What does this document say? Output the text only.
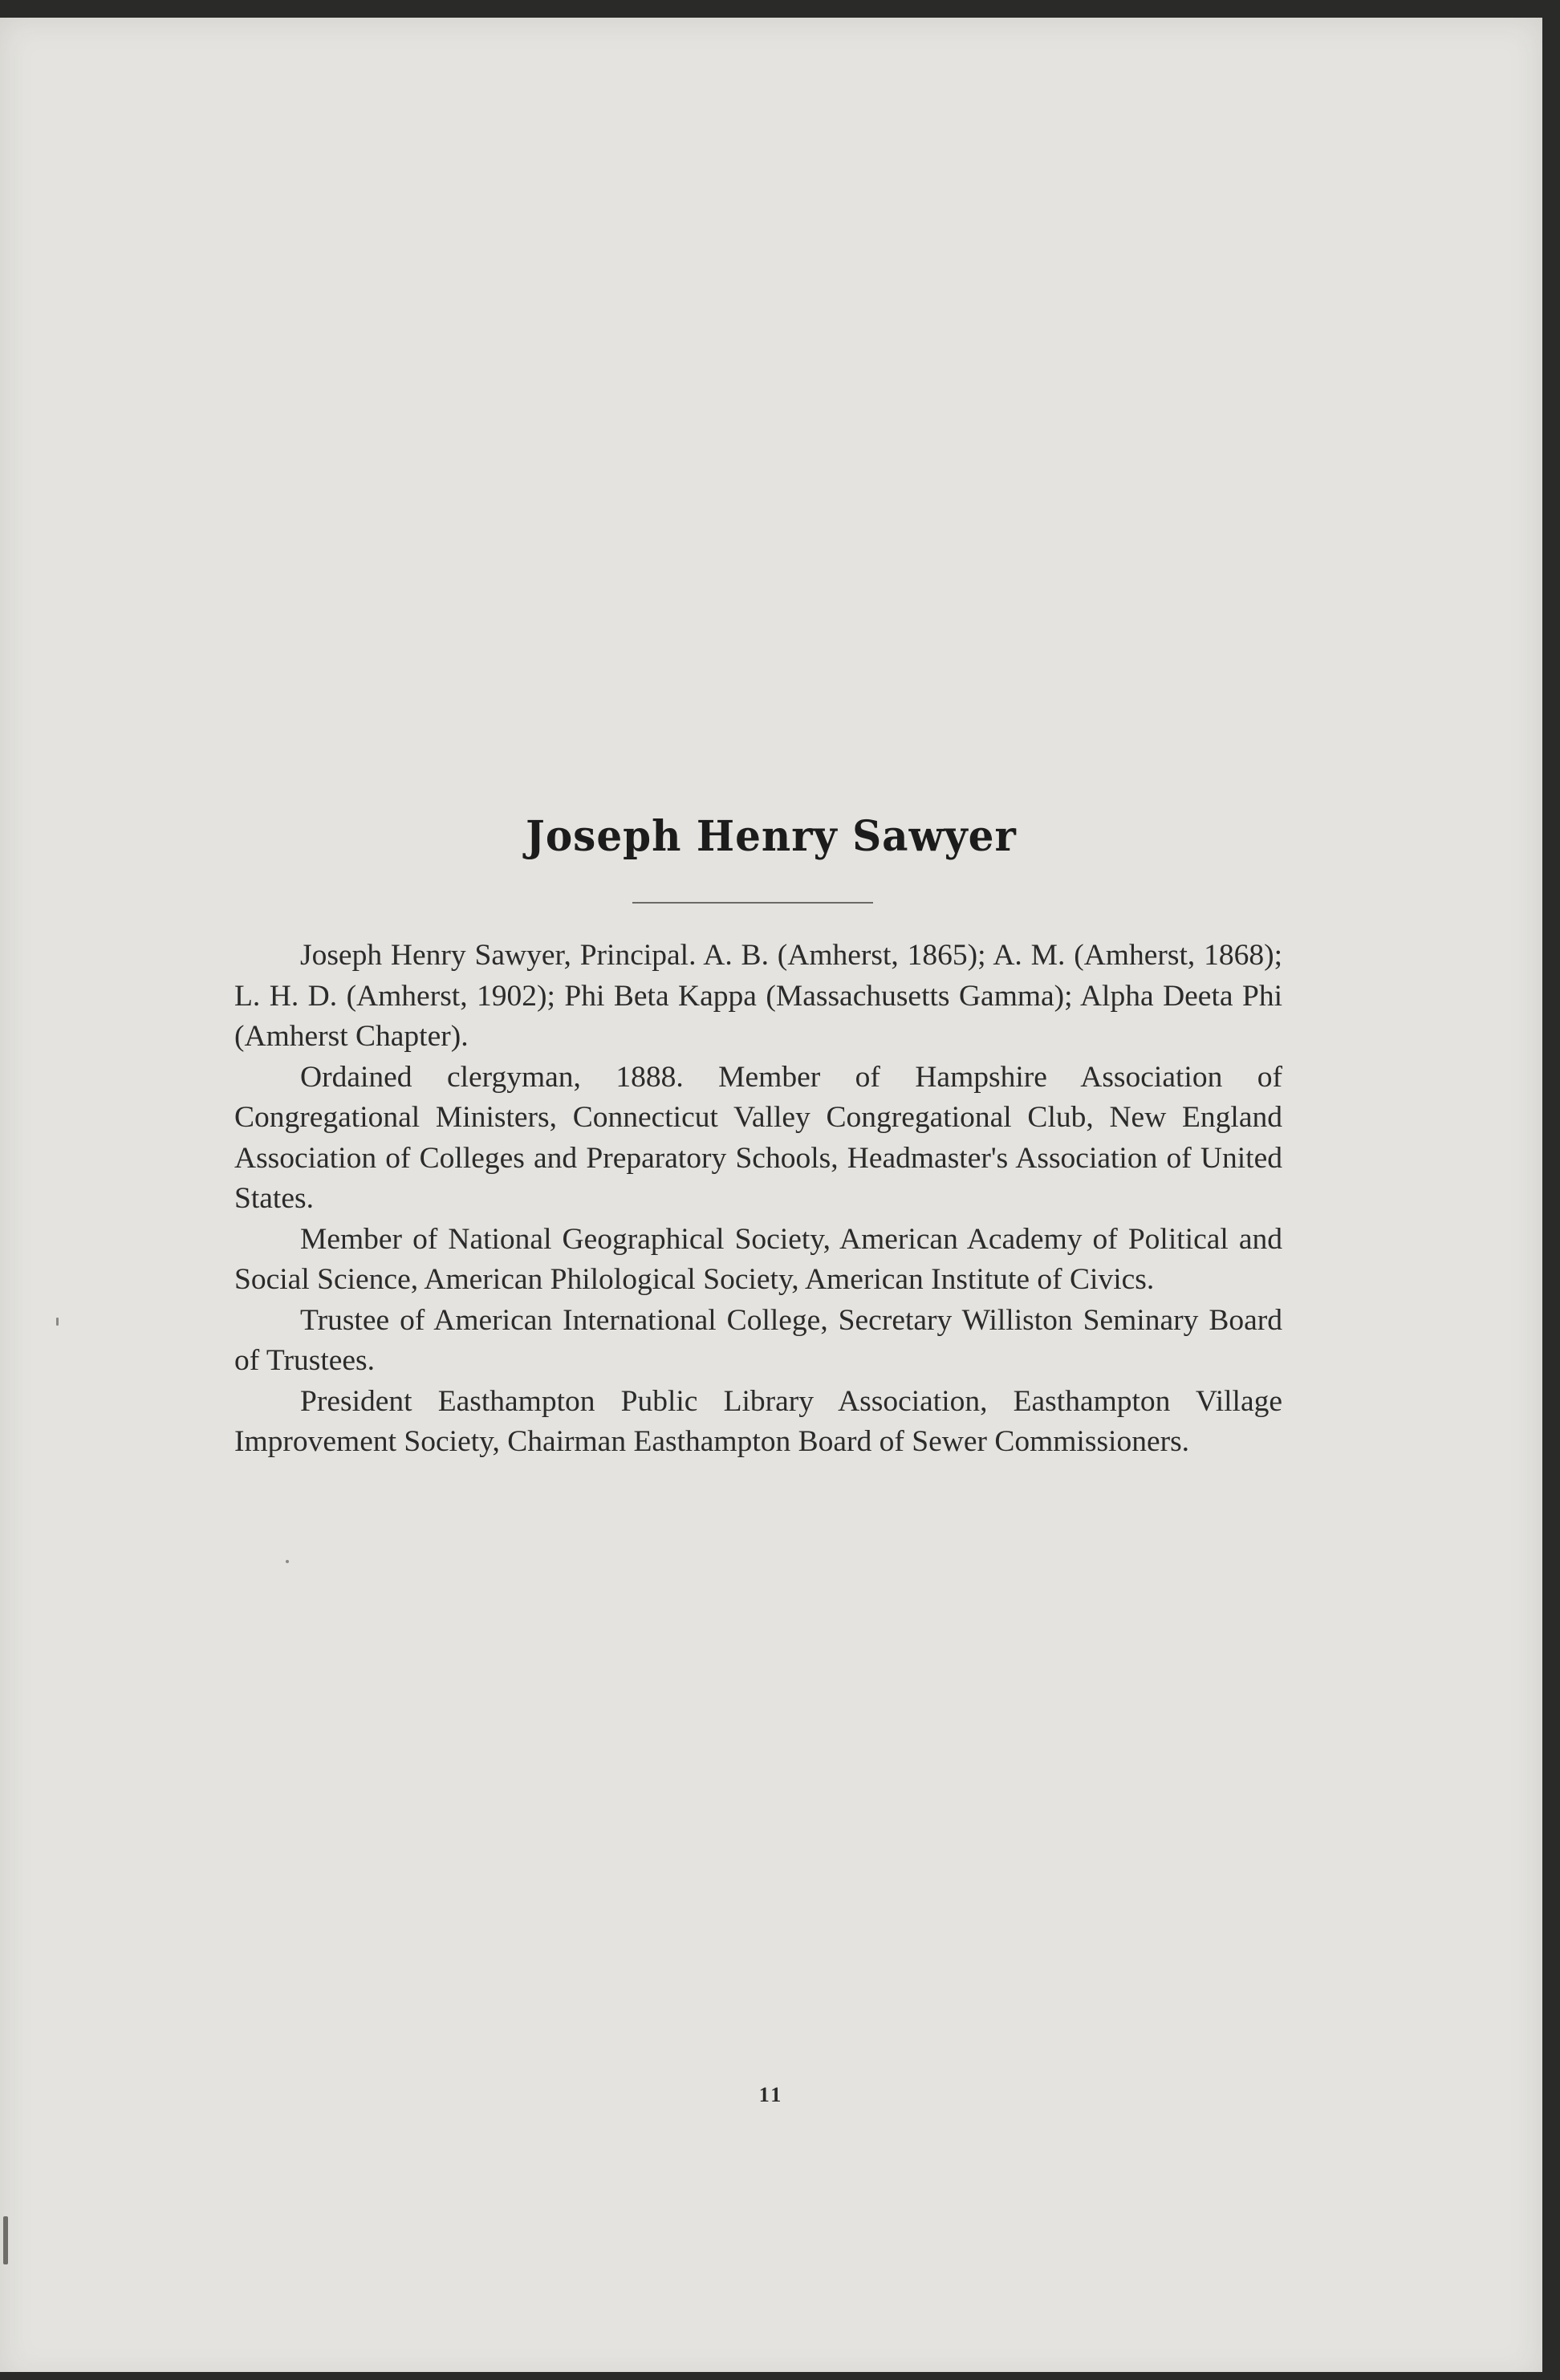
Joseph Henry Sawyer

Joseph Henry Sawyer, Principal. A. B. (Amherst, 1865); A. M. (Amherst, 1868); L. H. D. (Amherst, 1902); Phi Beta Kappa (Massachusetts Gamma); Alpha Deeta Phi (Amherst Chapter).

Ordained clergyman, 1888. Member of Hampshire Association of Congregational Ministers, Connecticut Valley Congregational Club, New England Association of Colleges and Preparatory Schools, Headmaster's Association of United States.

Member of National Geographical Society, American Academy of Political and Social Science, American Philological Society, American Institute of Civics.

Trustee of American International College, Secretary Williston Seminary Board of Trustees.

President Easthampton Public Library Association, Easthampton Village Improvement Society, Chairman Easthampton Board of Sewer Commissioners.

11
